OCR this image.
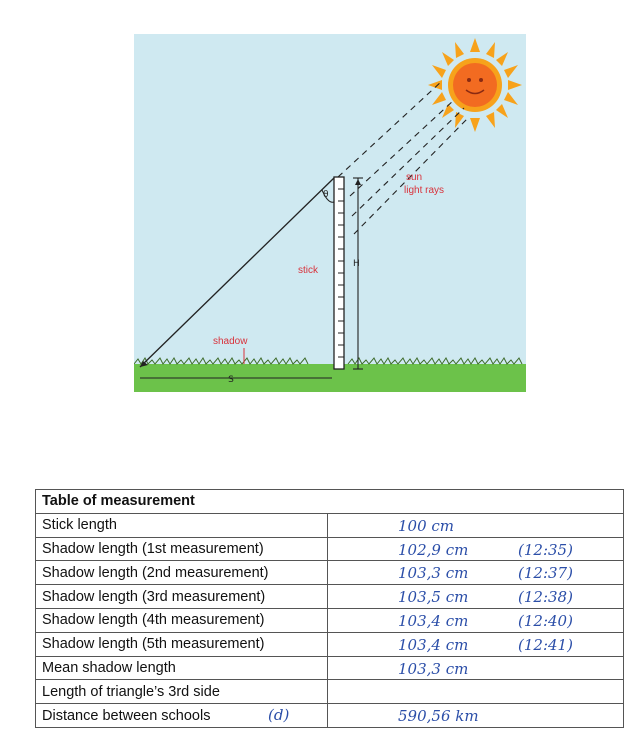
θ
H
S
sun
light rays
stick
shadow
Table of measurement	
Stick length	100 cm

Shadow length (1st measurement)	102,9 cm (12:35)

Shadow length (2nd measurement)	103,3 cm (12:37)

Shadow length (3rd measurement)	103,5 cm (12:38)

Shadow length (4th measurement)	103,4 cm (12:40)

Shadow length (5th measurement)	103,4 cm (12:41)

Mean shadow length	103,3 cm

Length of triangle’s 3rd side	
Distance between schools (d)	590,56 km
